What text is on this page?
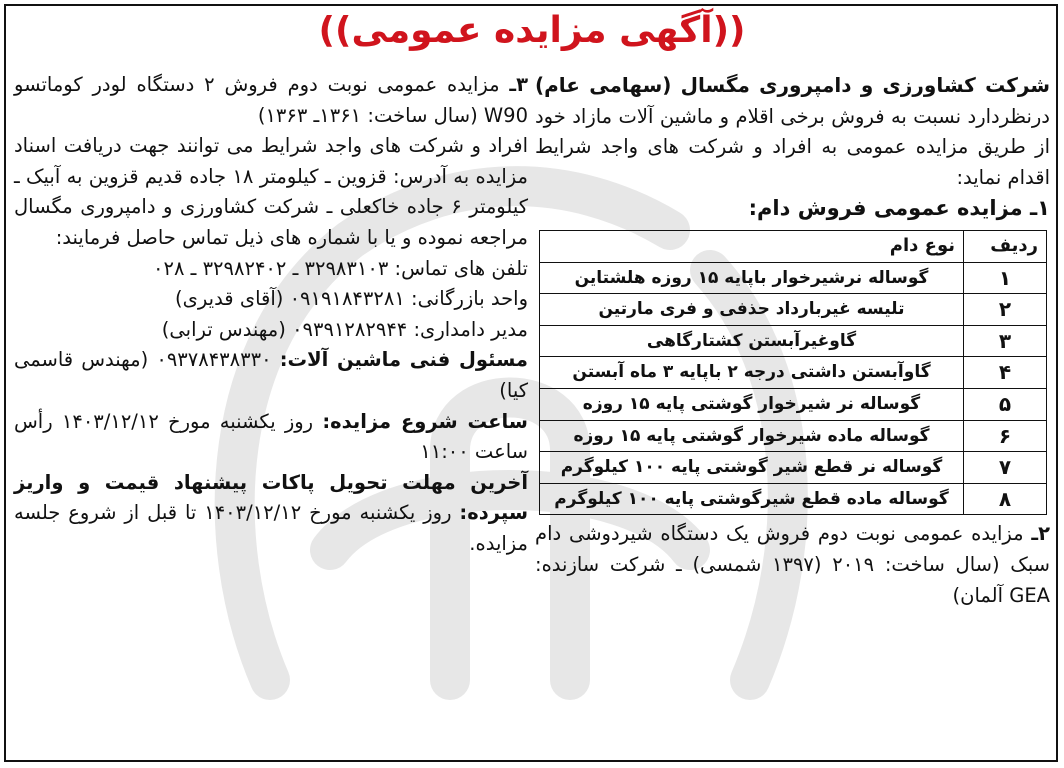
((آگهی مزایده عمومی))

شرکت کشاورزی و دامپروری مگسال (سهامی عام) درنظردارد نسبت به فروش برخی اقلام و ماشین آلات مازاد خود از طریق مزایده عمومی به افراد و شرکت های واجد شرایط اقدام نماید:

۱ـ مزایده عمومی فروش دام:

ردیف	نوع دام
۱	گوساله نرشیرخوار باپایه ۱۵ روزه هلشتاین
۲	تلیسه غیربارداد حذفی و فری مارتین
۳	گاوغیرآبستن کشتارگاهی
۴	گاوآبستن داشتی درجه ۲ باپایه ۳ ماه آبستن
۵	گوساله نر شیرخوار گوشتی پایه ۱۵ روزه
۶	گوساله ماده شیرخوار گوشتی پایه ۱۵ روزه
۷	گوساله نر قطع شیر گوشتی پایه ۱۰۰ کیلوگرم
۸	گوساله ماده قطع شیرگوشتی پایه ۱۰۰ کیلوگرم

۲ـ مزایده عمومی نوبت دوم فروش یک دستگاه شیردوشی دام سبک (سال ساخت: ۲۰۱۹ (۱۳۹۷ شمسی) ـ شرکت سازنده: GEA آلمان)

۳ـ مزایده عمومی نوبت دوم فروش ۲ دستگاه لودر کوماتسو W90 (سال ساخت: ۱۳۶۱ـ ۱۳۶۳)

افراد و شرکت های واجد شرایط می توانند جهت دریافت اسناد مزایده به آدرس: قزوین ـ کیلومتر ۱۸ جاده قدیم قزوین به آبیک ـ کیلومتر ۶ جاده خاکعلی ـ شرکت کشاورزی و دامپروری مگسال مراجعه نموده و یا با شماره های ذیل تماس حاصل فرمایند:

تلفن های تماس: ۳۲۹۸۳۱۰۳ ـ ۳۲۹۸۲۴۰۲ ـ ۰۲۸

واحد بازرگانی: ۰۹۱۹۱۸۴۳۲۸۱ (آقای قدیری)

مدیر دامداری: ۰۹۳۹۱۲۸۲۹۴۴ (مهندس ترابی)

مسئول فنی ماشین آلات: ۰۹۳۷۸۴۳۸۳۳۰ (مهندس قاسمی کیا)

ساعت شروع مزایده: روز یکشنبه مورخ ۱۴۰۳/۱۲/۱۲ رأس ساعت ۱۱:۰۰

آخرین مهلت تحویل پاکات پیشنهاد قیمت و واریز سپرده: روز یکشنبه مورخ ۱۴۰۳/۱۲/۱۲ تا قبل از شروع جلسه مزایده.
